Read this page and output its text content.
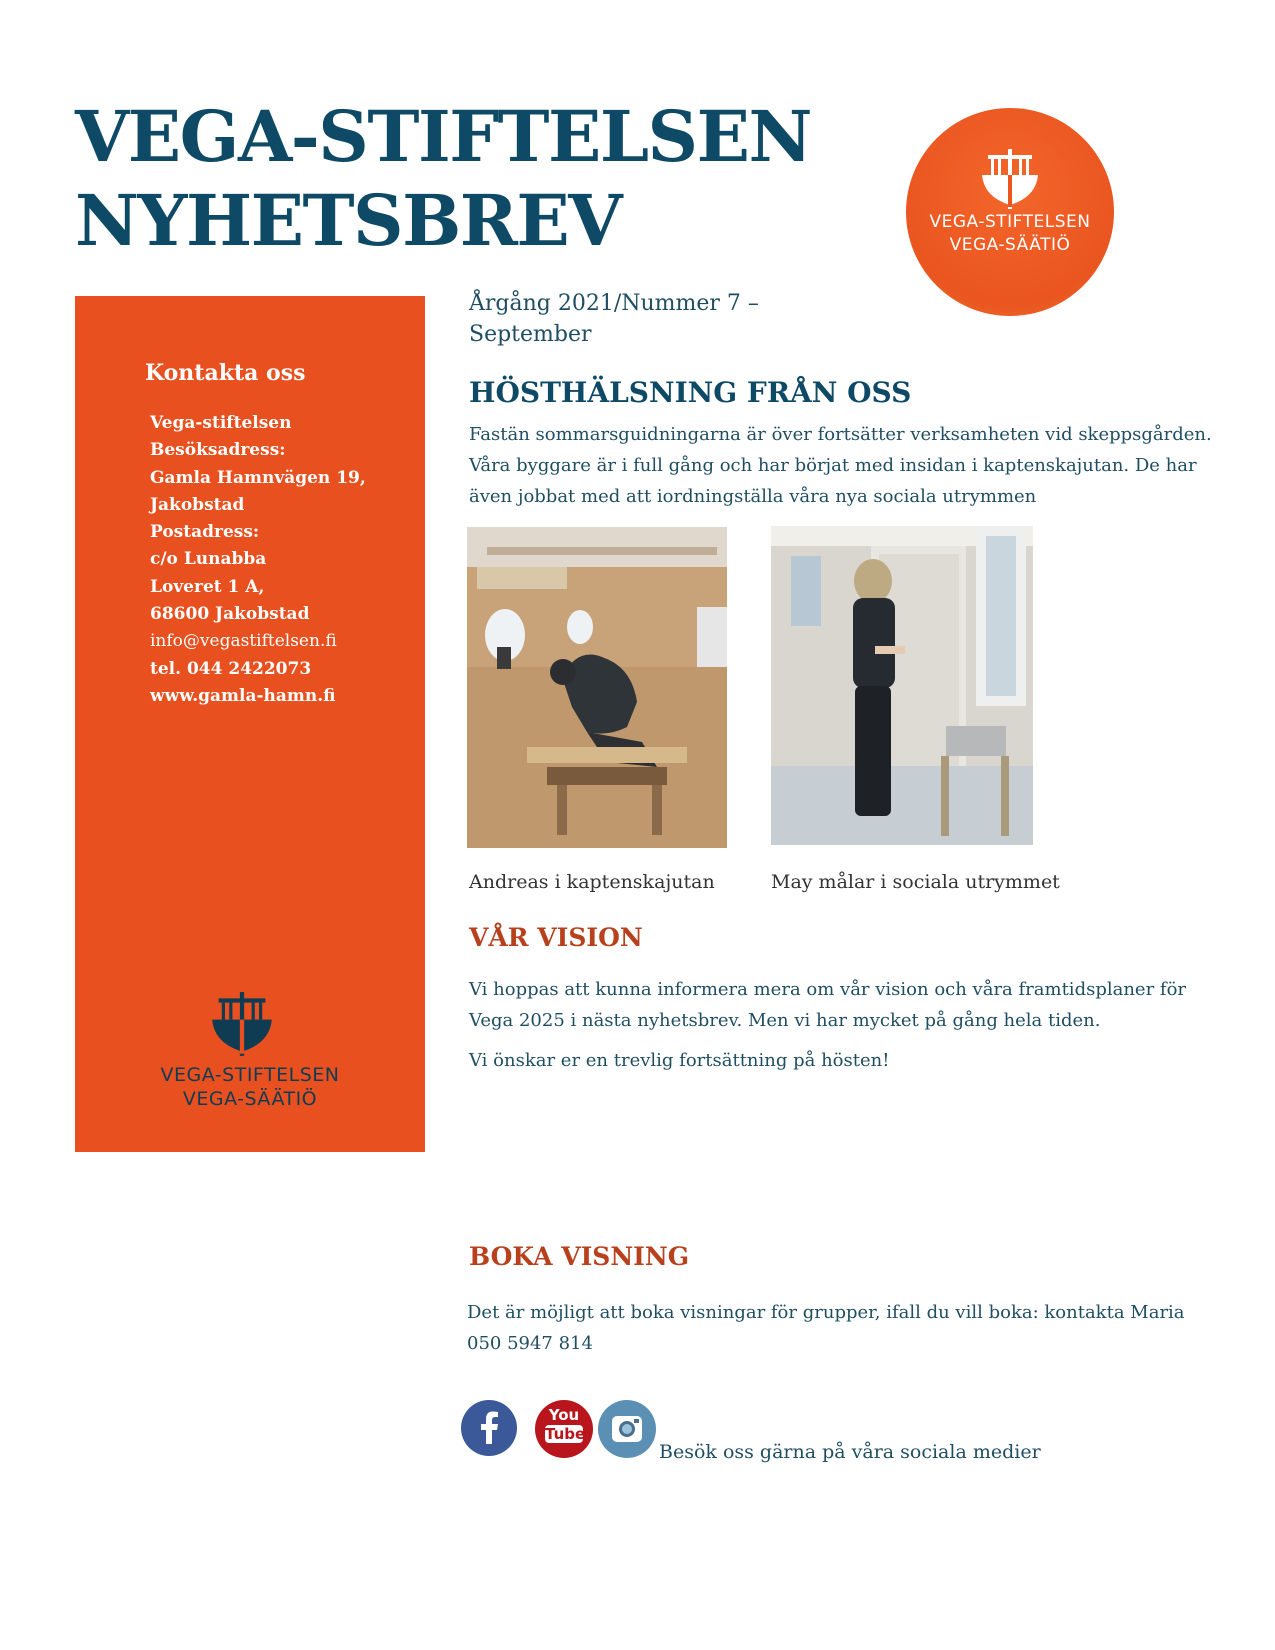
VEGA-STIFTELSEN
NYHETSBREV	VEGA-STIFTELSEN
VEGA-SÄÄTIÖ
Kontakta oss
Vega-stiftelsen
Besöksadress:
Gamla Hamnvägen 19,
Jakobstad
Postadress:
c/o Lunabba
Loveret 1 A,
68600 Jakobstad
info@vegastiftelsen.fi
tel. 044 2422073
www.gamla-hamn.fi
VEGA-STIFTELSEN
VEGA-SÄÄTIÖ
Årgång 2021/Nummer 7 –
September
HÖSTHÄLSNING FRÅN OSS

Fastän sommarsguidningarna är över fortsätter verksamheten vid skeppsgården.

Våra byggare är i full gång och har börjat med insidan i kaptenskajutan. De har

även jobbat med att iordningställa våra nya sociala utrymmen

Andreas i kaptenskajutan	May målar i sociala utrymmet
VÅR VISION

Vi hoppas att kunna informera mera om vår vision och våra framtidsplaner för

Vega 2025 i nästa nyhetsbrev. Men vi har mycket på gång hela tiden.

Vi önskar er en trevlig fortsättning på hösten!

BOKA VISNING

Det är möjligt att boka visningar för grupper, ifall du vill boka: kontakta Maria

050 5947 814

You
Tube
Besök oss gärna på våra sociala medier
